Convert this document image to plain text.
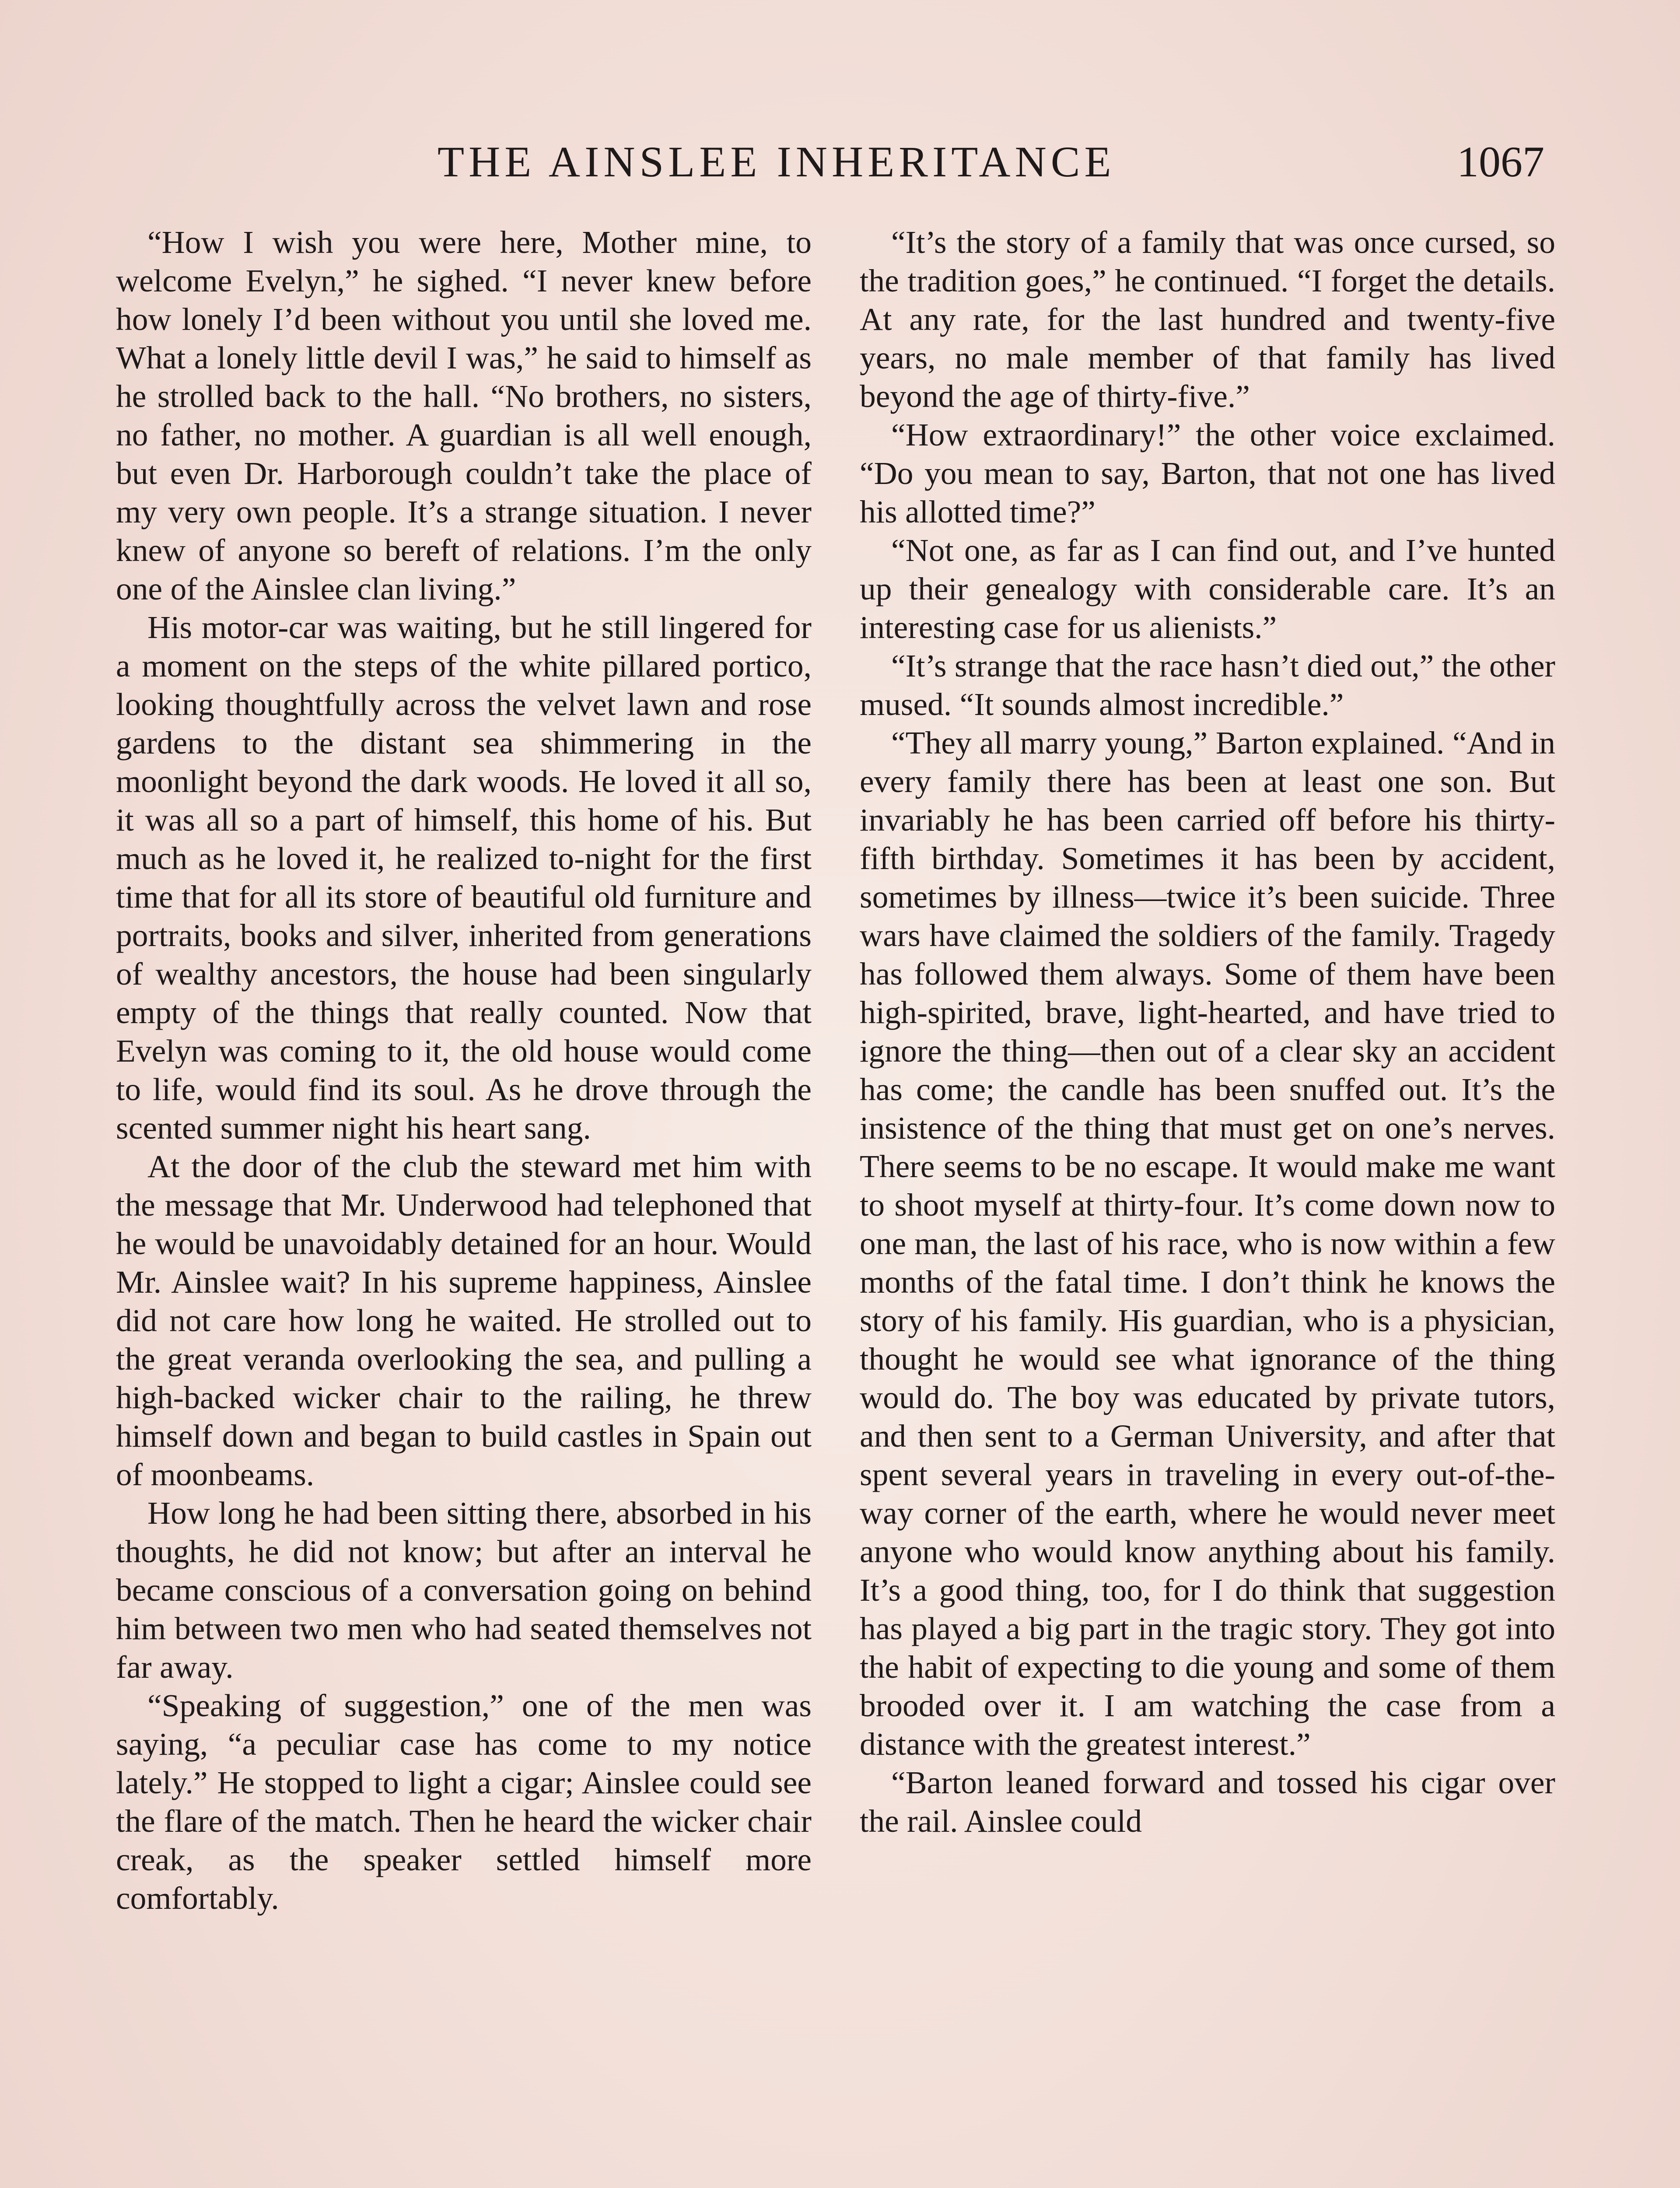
THE AINSLEE INHERITANCE	1067

“How I wish you were here, Mother mine, to welcome Evelyn,” he sighed. “I never knew before how lonely I’d been without you until she loved me. What a lonely little devil I was,” he said to himself as he strolled back to the hall. “No brothers, no sisters, no father, no mother. A guardian is all well enough, but even Dr. Harborough couldn’t take the place of my very own people. It’s a strange situation. I never knew of anyone so bereft of relations. I’m the only one of the Ainslee clan living.”

His motor-car was waiting, but he still lingered for a moment on the steps of the white pillared portico, looking thoughtfully across the velvet lawn and rose gardens to the distant sea shimmering in the moonlight beyond the dark woods. He loved it all so, it was all so a part of himself, this home of his. But much as he loved it, he realized to-night for the first time that for all its store of beautiful old furniture and portraits, books and silver, inherited from generations of wealthy ancestors, the house had been singularly empty of the things that really counted. Now that Evelyn was coming to it, the old house would come to life, would find its soul. As he drove through the scented summer night his heart sang.

At the door of the club the steward met him with the message that Mr. Underwood had telephoned that he would be unavoidably detained for an hour. Would Mr. Ainslee wait? In his supreme happiness, Ainslee did not care how long he waited. He strolled out to the great veranda overlooking the sea, and pulling a high-backed wicker chair to the railing, he threw himself down and began to build castles in Spain out of moonbeams.

How long he had been sitting there, absorbed in his thoughts, he did not know; but after an interval he became conscious of a conversation going on behind him between two men who had seated themselves not far away.

“Speaking of suggestion,” one of the men was saying, “a peculiar case has come to my notice lately.” He stopped to light a cigar; Ainslee could see the flare of the match. Then he heard the wicker chair creak, as the speaker settled himself more comfortably.

“It’s the story of a family that was once cursed, so the tradition goes,” he continued. “I forget the details. At any rate, for the last hundred and twenty-five years, no male member of that family has lived beyond the age of thirty-five.”

“How extraordinary!” the other voice exclaimed. “Do you mean to say, Barton, that not one has lived his allotted time?”

“Not one, as far as I can find out, and I’ve hunted up their genealogy with considerable care. It’s an interesting case for us alienists.”

“It’s strange that the race hasn’t died out,” the other mused. “It sounds almost incredible.”

“They all marry young,” Barton explained. “And in every family there has been at least one son. But invariably he has been carried off before his thirty-fifth birthday. Sometimes it has been by accident, sometimes by illness—twice it’s been suicide. Three wars have claimed the soldiers of the family. Tragedy has followed them always. Some of them have been high-spirited, brave, light-hearted, and have tried to ignore the thing—then out of a clear sky an accident has come; the candle has been snuffed out. It’s the insistence of the thing that must get on one’s nerves. There seems to be no escape. It would make me want to shoot myself at thirty-four. It’s come down now to one man, the last of his race, who is now within a few months of the fatal time. I don’t think he knows the story of his family. His guardian, who is a physician, thought he would see what ignorance of the thing would do. The boy was educated by private tutors, and then sent to a German University, and after that spent several years in traveling in every out-of-the-way corner of the earth, where he would never meet anyone who would know anything about his family. It’s a good thing, too, for I do think that suggestion has played a big part in the tragic story. They got into the habit of expecting to die young and some of them brooded over it. I am watching the case from a distance with the greatest interest.”

“Barton leaned forward and tossed his cigar over the rail. Ainslee could
